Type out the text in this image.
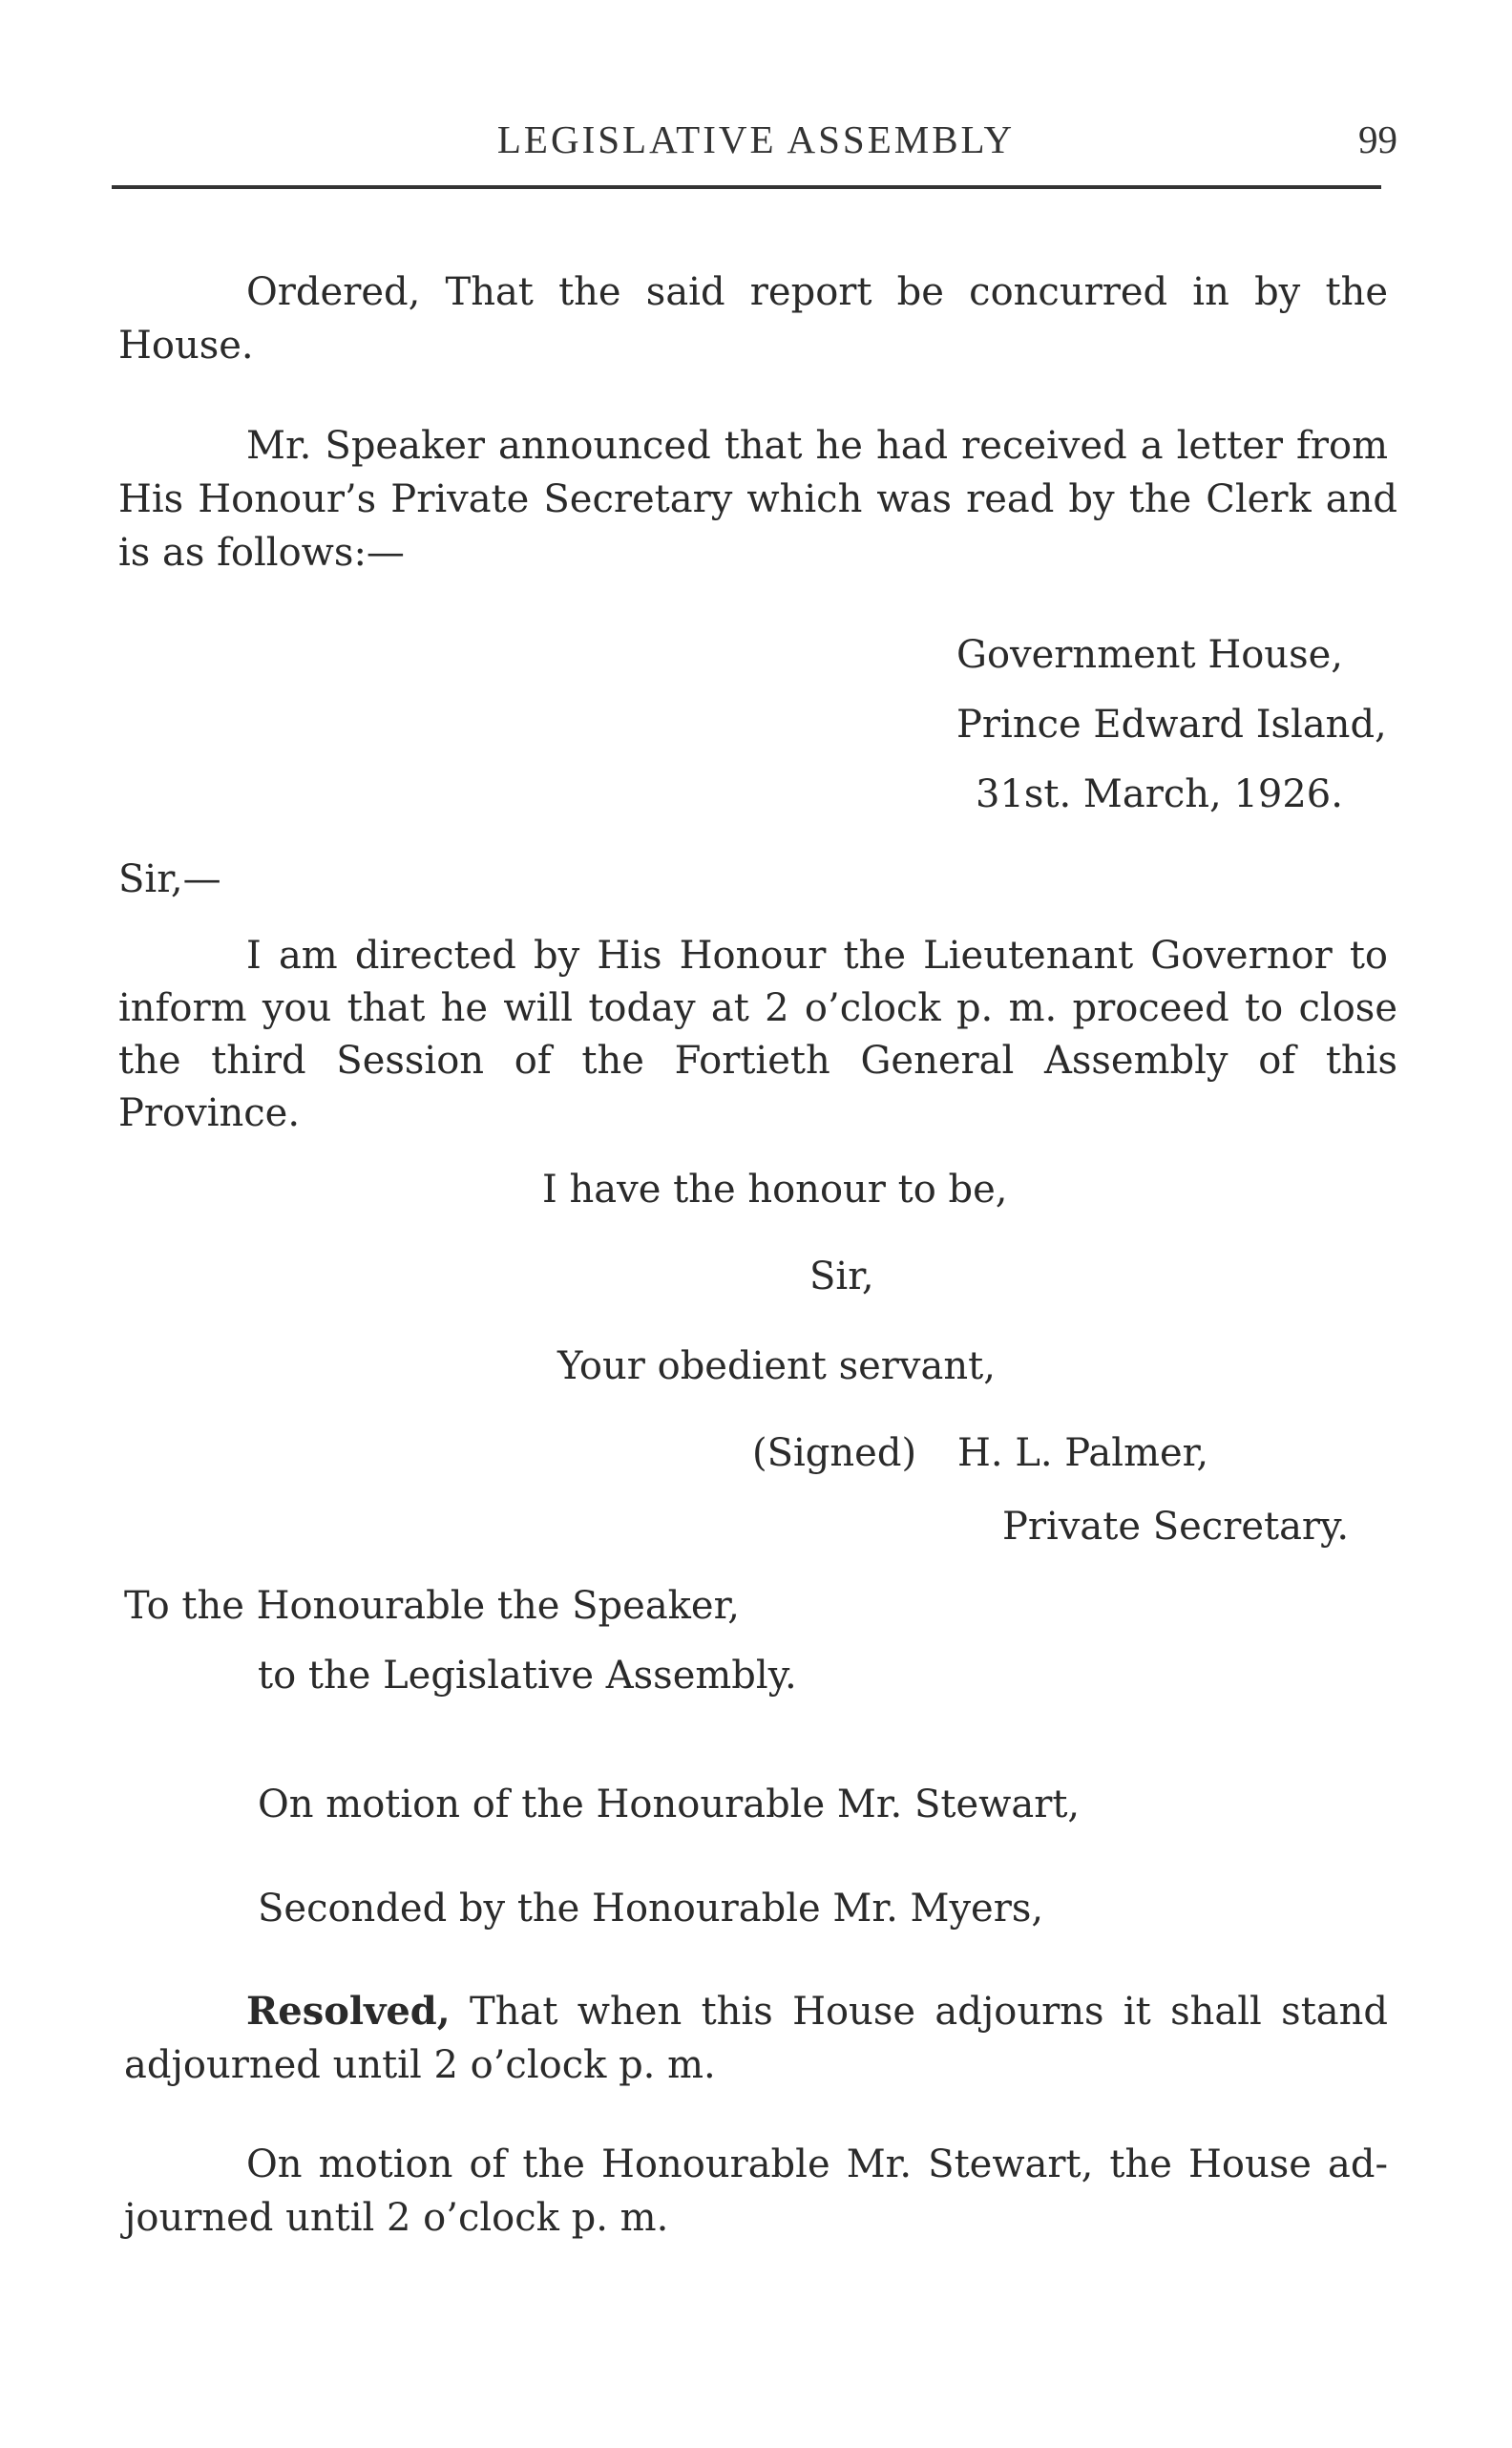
LEGISLATIVE ASSEMBLY	99
Ordered, That the said report be concurred in by the
House.
Mr. Speaker announced that he had received a letter from
His Honour’s Private Secretary which was read by the Clerk and
is as follows:—
Government House,
Prince Edward Island,
31st. March, 1926.
Sir,—
I am directed by His Honour the Lieutenant Governor to
inform you that he will today at 2 o’clock p. m. proceed to close
the third Session of the Fortieth General Assembly of this
Province.
I have the honour to be,
Sir,
Your obedient servant,
(Signed) H. L. Palmer,
Private Secretary.
To the Honourable the Speaker,
to the Legislative Assembly.
On motion of the Honourable Mr. Stewart,
Seconded by the Honourable Mr. Myers,
Resolved, That when this House adjourns it shall stand
adjourned until 2 o’clock p. m.
On motion of the Honourable Mr. Stewart, the House ad-
journed until 2 o’clock p. m.
